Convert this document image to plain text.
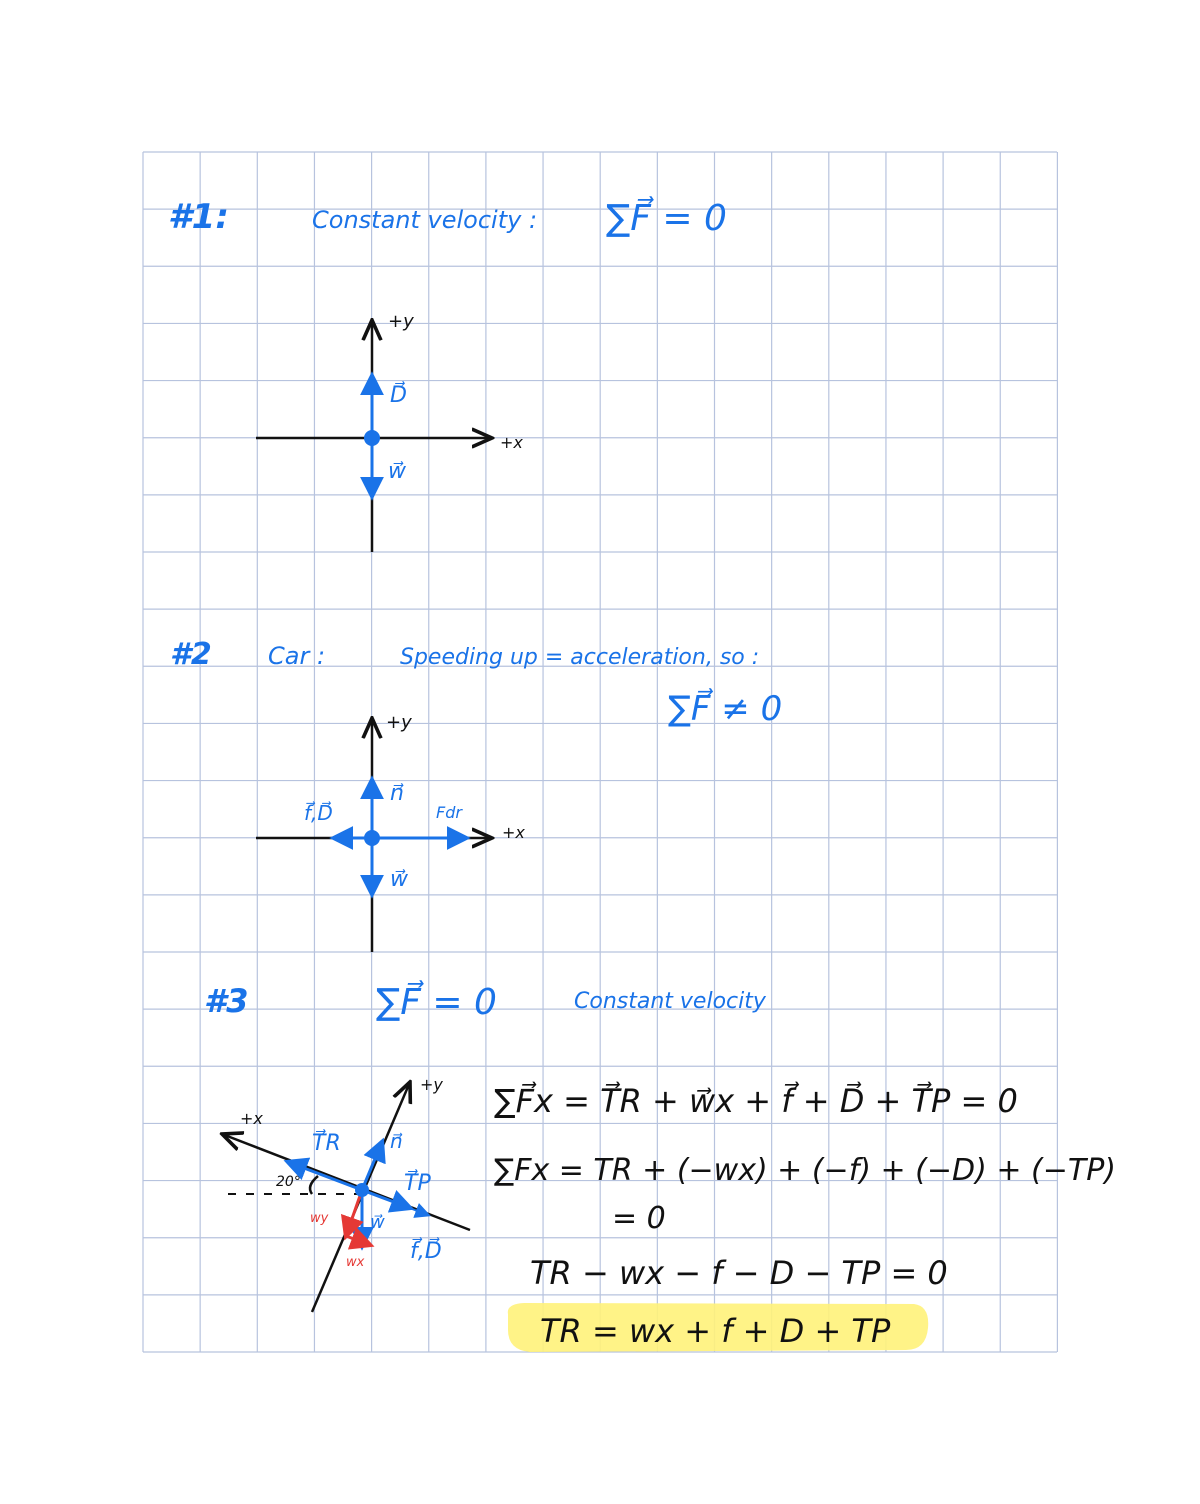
#1:	Constant velocity : ∑F⃗ = 0
+y
+x
D⃗
w⃗
#2 Car :	Speeding up = acceleration, so :
∑F⃗ ≠ 0
+y
+x
n⃗
w⃗
f⃗,D⃗	Fdr
#3	∑F⃗ = 0	Constant velocity
+y
+x
20°
T⃗R n⃗
T⃗P
w⃗
f⃗,D⃗
wy
wx
∑F⃗x = T⃗R + w⃗x + f⃗ + D⃗ + T⃗P = 0
∑Fx = TR + (−wx) + (−f) + (−D) + (−TP)
= 0
TR − wx − f − D − TP = 0
TR = wx + f + D + TP
